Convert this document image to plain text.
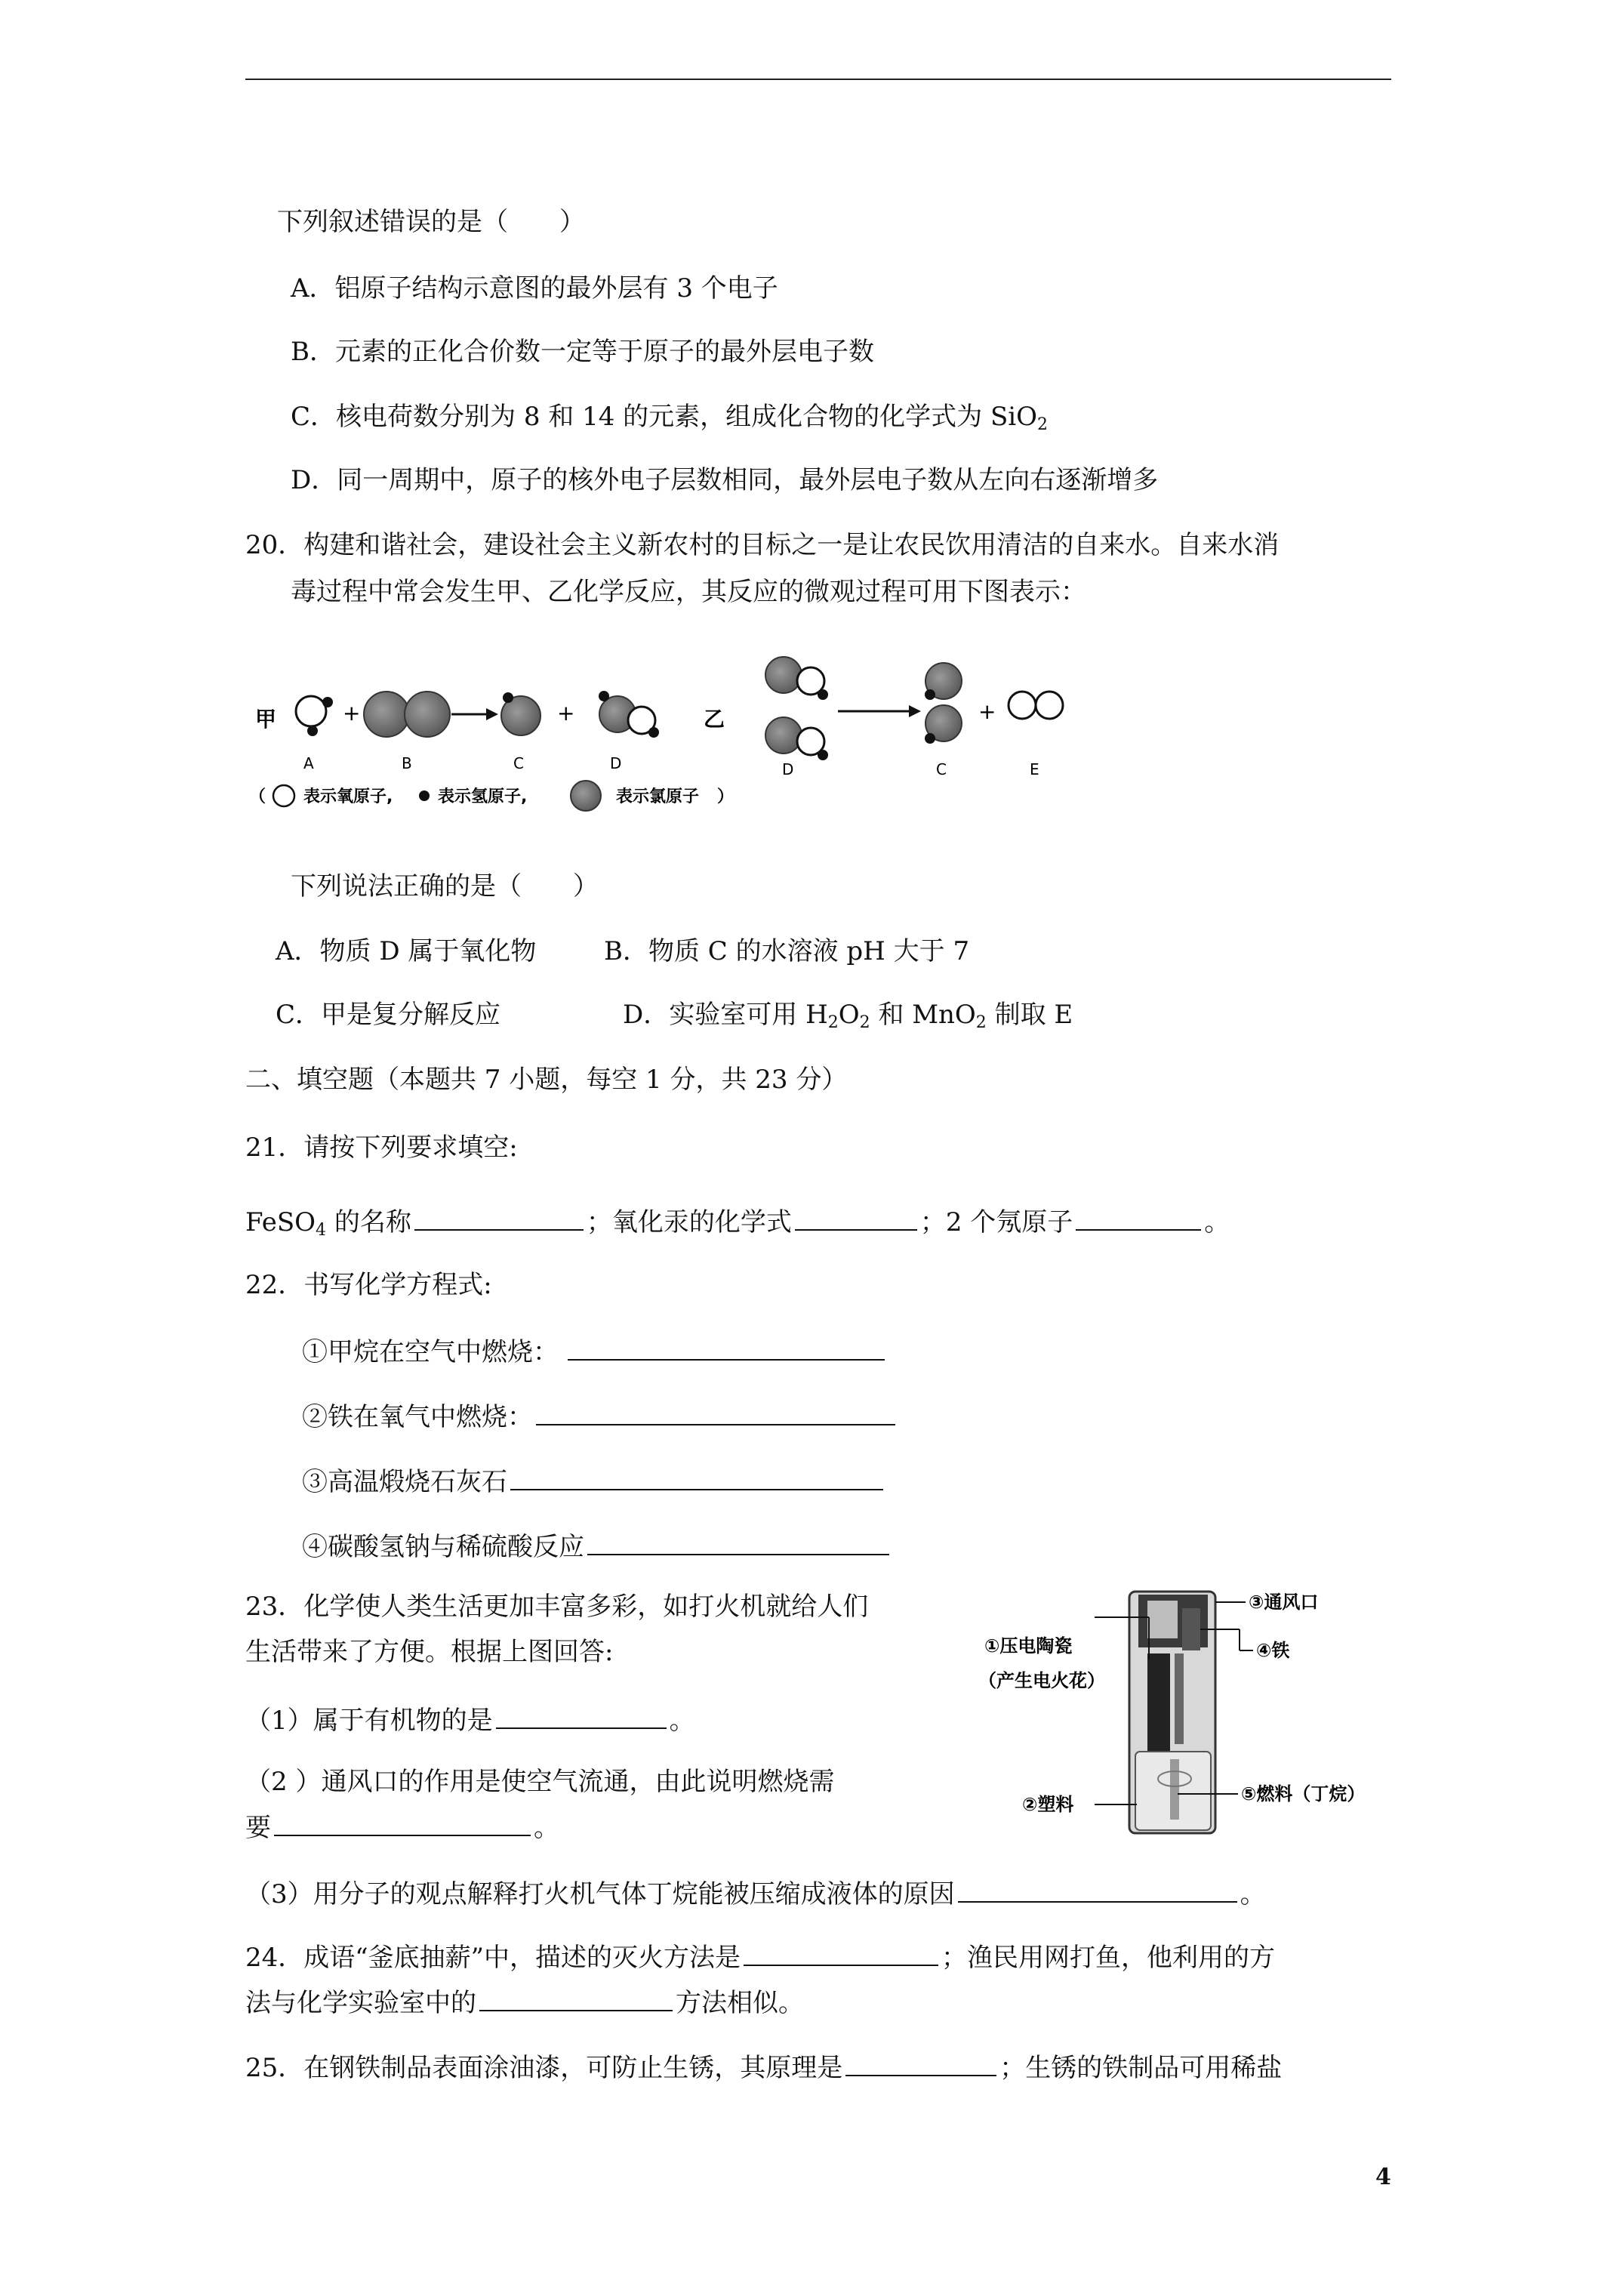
下列叙述错误的是（　　）
A．铝原子结构示意图的最外层有 3 个电子
B．元素的正化合价数一定等于原子的最外层电子数
C．核电荷数分别为 8 和 14 的元素，组成化合物的化学式为 SiO$_2$
D．同一周期中，原子的核外电子层数相同，最外层电子数从左向右逐渐增多
20．构建和谐社会，建设社会主义新农村的目标之一是让农民饮用清洁的自来水。自来水消
毒过程中常会发生甲、乙化学反应，其反应的微观过程可用下图表示：
甲	+	+
A	B	C	D
乙	+
D	C	E
（ 表示氧原子,	表示氢原子,	表示氯原子 ）
下列说法正确的是（　　）
A．物质 D 属于氧化物	B．物质 C 的水溶液 pH 大于 7
C．甲是复分解反应	D．实验室可用 $H_2O_2$ 和 MnO$_2$ 制取 E
二、填空题（本题共 7 小题，每空 1 分，共 23 分）
21．请按下列要求填空:
FeSO$_4$ 的名称	；氧化汞的化学式	；2 个氖原子	。
22．书写化学方程式:
①甲烷在空气中燃烧：
②铁在氧气中燃烧：
③高温煅烧石灰石
④碳酸氢钠与稀硫酸反应
23．化学使人类生活更加丰富多彩，如打火机就给人们
生活带来了方便。根据上图回答:
（1）属于有机物的是	。
（2 ）通风口的作用是使空气流通，由此说明燃烧需
要	。
（3）用分子的观点解释打火机气体丁烷能被压缩成液体的原因	。
③通风口
④铁
①压电陶瓷
（产生电火花）
②塑料	⑤燃料（丁烷）
24．成语“釜底抽薪”中，描述的灭火方法是	；渔民用网打鱼，他利用的方
法与化学实验室中的	方法相似。
25．在钢铁制品表面涂油漆，可防止生锈，其原理是	；生锈的铁制品可用稀盐
4
